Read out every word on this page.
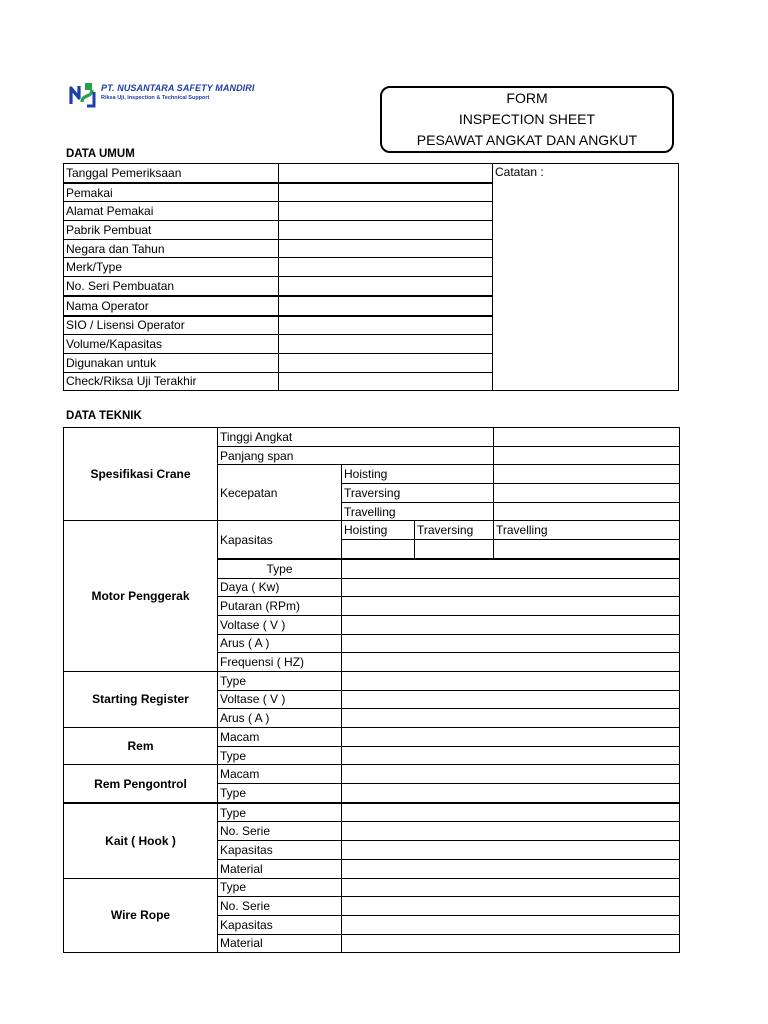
PT. NUSANTARA SAFETY MANDIRI
Riksa Uji, Inspection & Technical Support	FORM
INSPECTION SHEET
PESAWAT ANGKAT DAN ANGKUT
DATA UMUM
Tanggal Pemeriksaan		Catatan :
Pemakai		
Alamat Pemakai		
Pabrik Pembuat		
Negara dan Tahun		
Merk/Type		
No. Seri Pembuatan		
Nama Operator		
SIO / Lisensi Operator		
Volume/Kapasitas		
Digunakan untuk		
Check/Riksa Uji Terakhir		
DATA TEKNIK
Spesifikasi Crane	Tinggi Angkat			
	Panjang span			
	Kecepatan	Hoisting		
		Traversing		
		Travelling		
Motor Penggerak	Kapasitas	Hoisting	Traversing	Travelling

	Type			
	Daya ( Kw)			
	Putaran (RPm)			
	Voltase ( V )			
	Arus ( A )			
	Frequensi ( HZ)			
Starting Register	Type			
	Voltase ( V )			
	Arus ( A )			
Rem	Macam			
	Type			
Rem Pengontrol	Macam			
	Type			
Kait ( Hook )	Type			
	No. Serie			
	Kapasitas			
	Material			
Wire Rope	Type			
	No. Serie			
	Kapasitas			
	Material			
